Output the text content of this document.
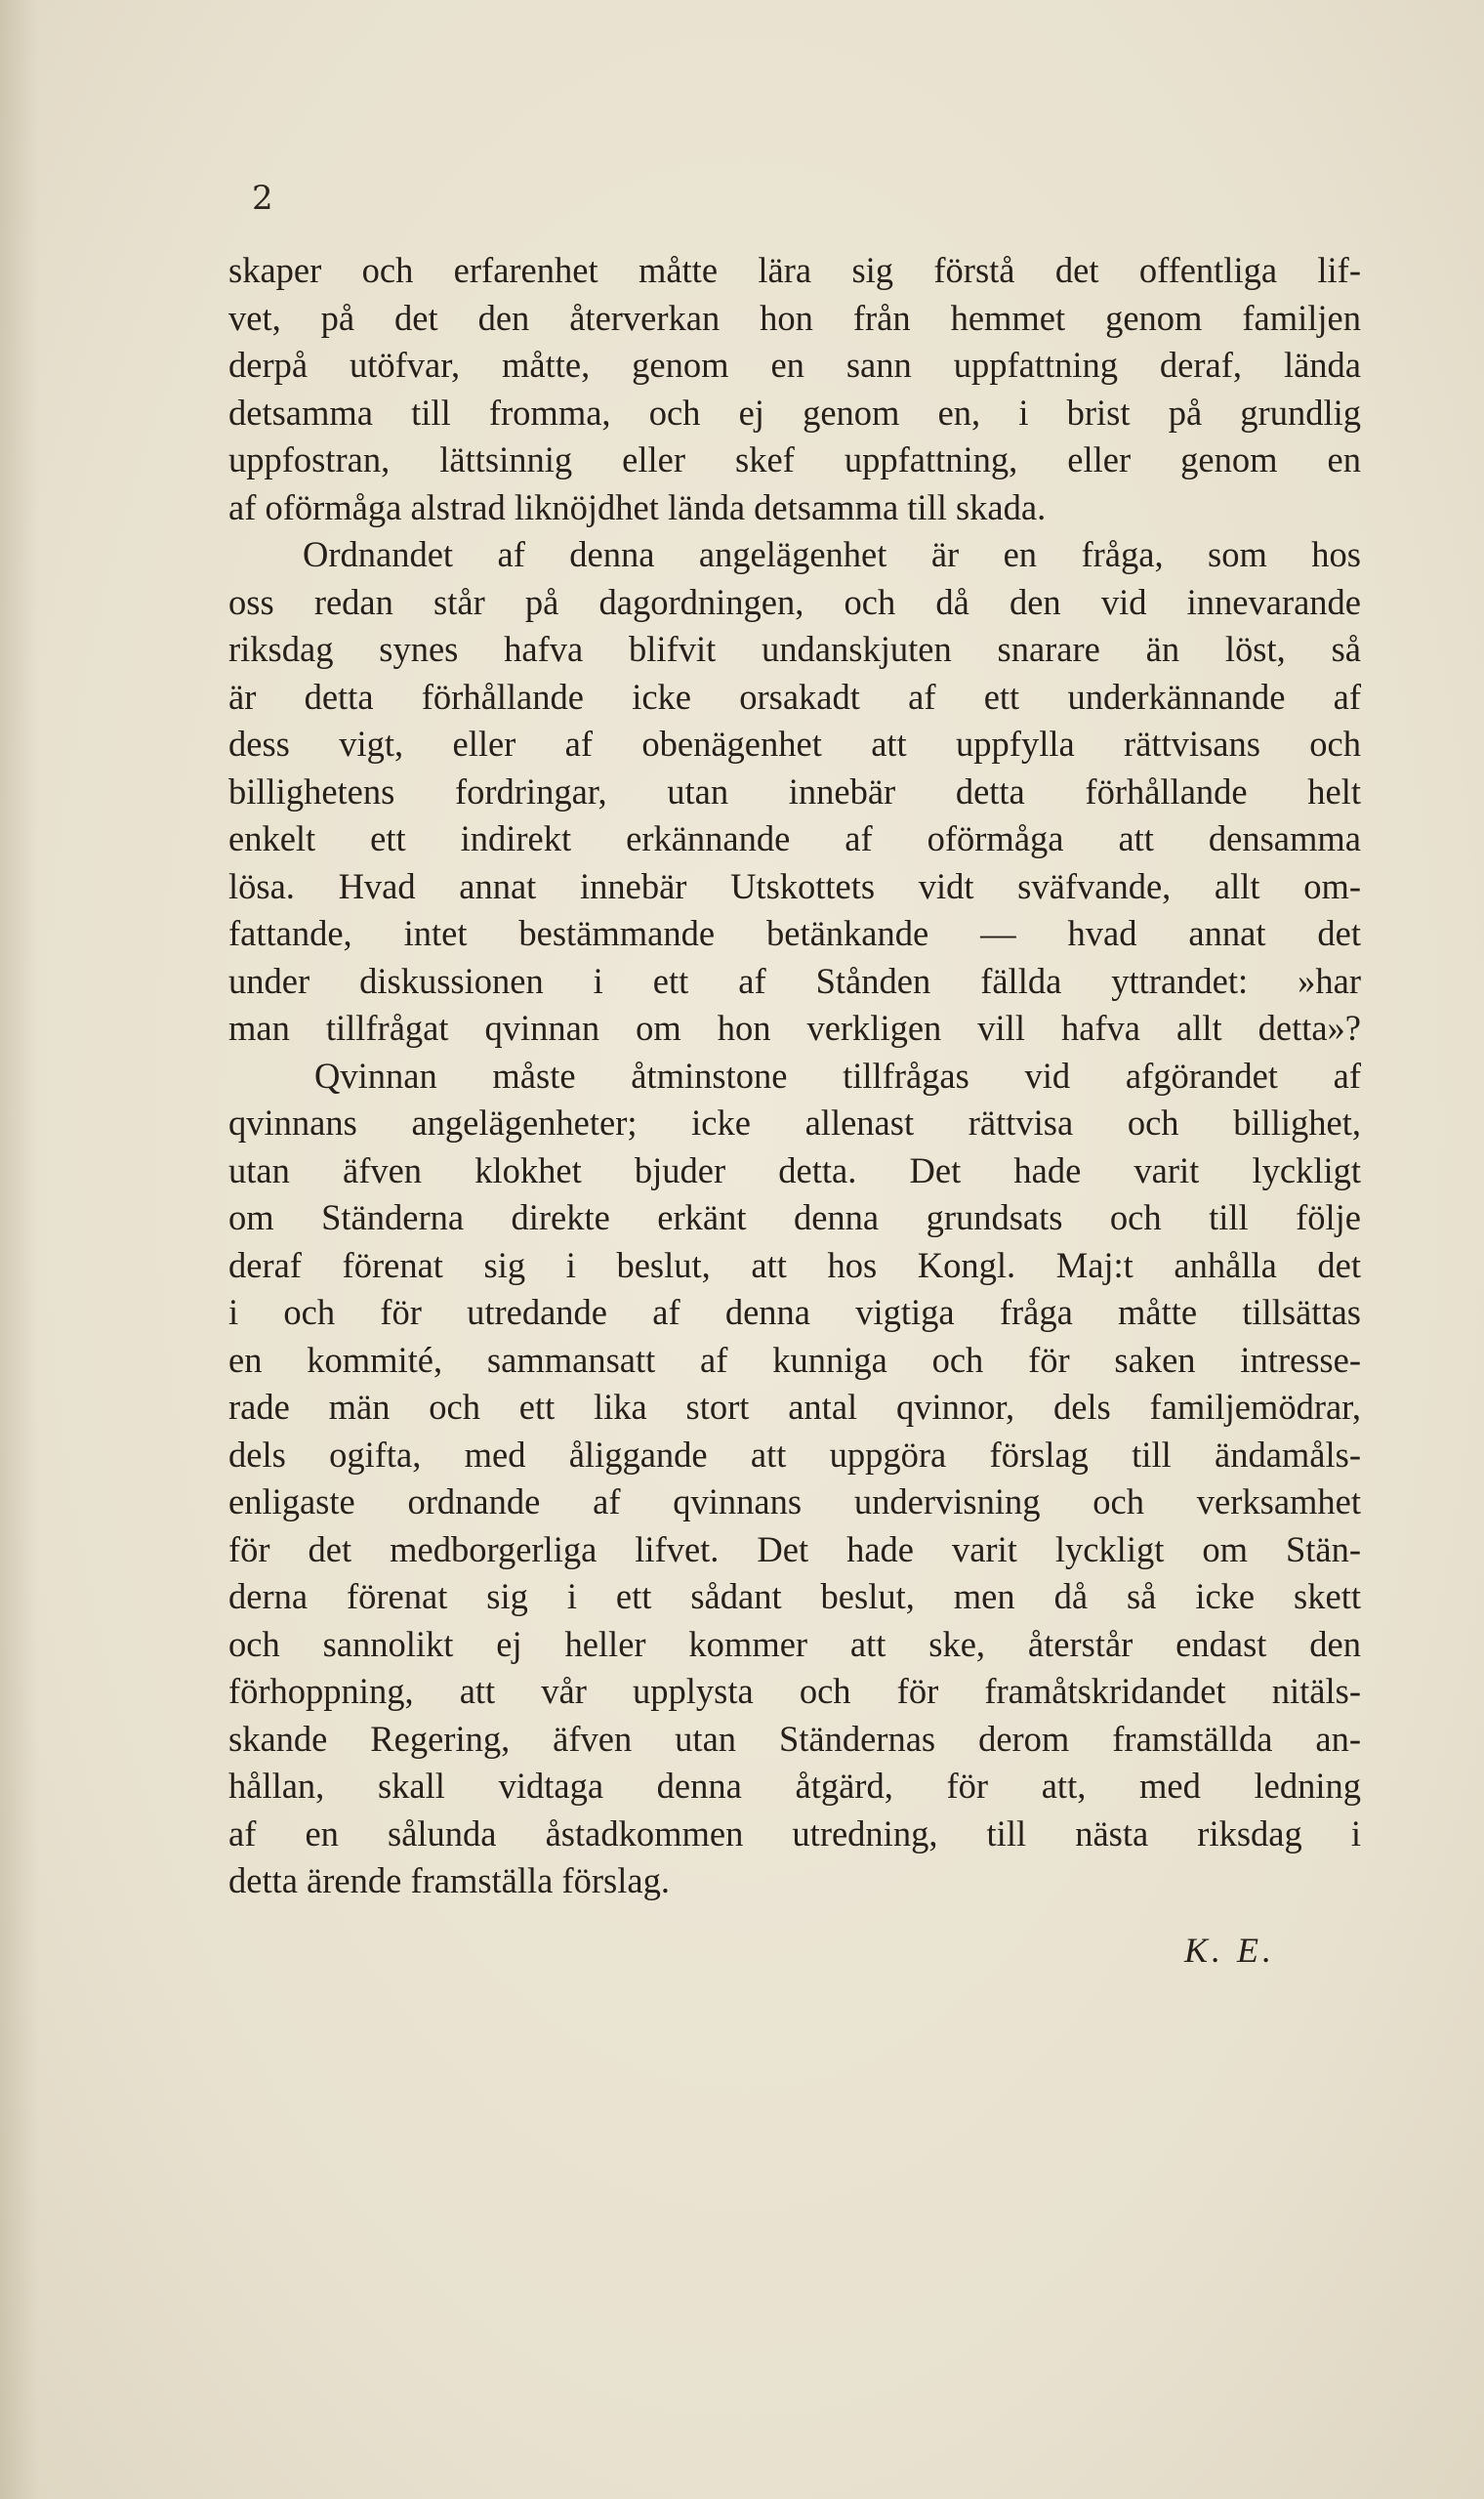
2
skaper och erfarenhet måtte lära sig förstå det offentliga lif-
vet, på det den återverkan hon från hemmet genom familjen
derpå utöfvar, måtte, genom en sann uppfattning deraf, lända
detsamma till fromma, och ej genom en, i brist på grundlig
uppfostran, lättsinnig eller skef uppfattning, eller genom en
af oförmåga alstrad liknöjdhet lända detsamma till skada.
Ordnandet af denna angelägenhet är en fråga, som hos
oss redan står på dagordningen, och då den vid innevarande
riksdag synes hafva blifvit undanskjuten snarare än löst, så
är detta förhållande icke orsakadt af ett underkännande af
dess vigt, eller af obenägenhet att uppfylla rättvisans och
billighetens fordringar, utan innebär detta förhållande helt
enkelt ett indirekt erkännande af oförmåga att densamma
lösa. Hvad annat innebär Utskottets vidt sväfvande, allt om-
fattande, intet bestämmande betänkande — hvad annat det
under diskussionen i ett af Stånden fällda yttrandet: »har
man tillfrågat qvinnan om hon verkligen vill hafva allt detta»?
Qvinnan måste åtminstone tillfrågas vid afgörandet af
qvinnans angelägenheter; icke allenast rättvisa och billighet,
utan äfven klokhet bjuder detta. Det hade varit lyckligt
om Ständerna direkte erkänt denna grundsats och till följe
deraf förenat sig i beslut, att hos Kongl. Maj:t anhålla det
i och för utredande af denna vigtiga fråga måtte tillsättas
en kommité, sammansatt af kunniga och för saken intresse-
rade män och ett lika stort antal qvinnor, dels familjemödrar,
dels ogifta, med åliggande att uppgöra förslag till ändamåls-
enligaste ordnande af qvinnans undervisning och verksamhet
för det medborgerliga lifvet. Det hade varit lyckligt om Stän-
derna förenat sig i ett sådant beslut, men då så icke skett
och sannolikt ej heller kommer att ske, återstår endast den
förhoppning, att vår upplysta och för framåtskridandet nitäls-
skande Regering, äfven utan Ständernas derom framställda an-
hållan, skall vidtaga denna åtgärd, för att, med ledning
af en sålunda åstadkommen utredning, till nästa riksdag i
detta ärende framställa förslag.
K. E.
